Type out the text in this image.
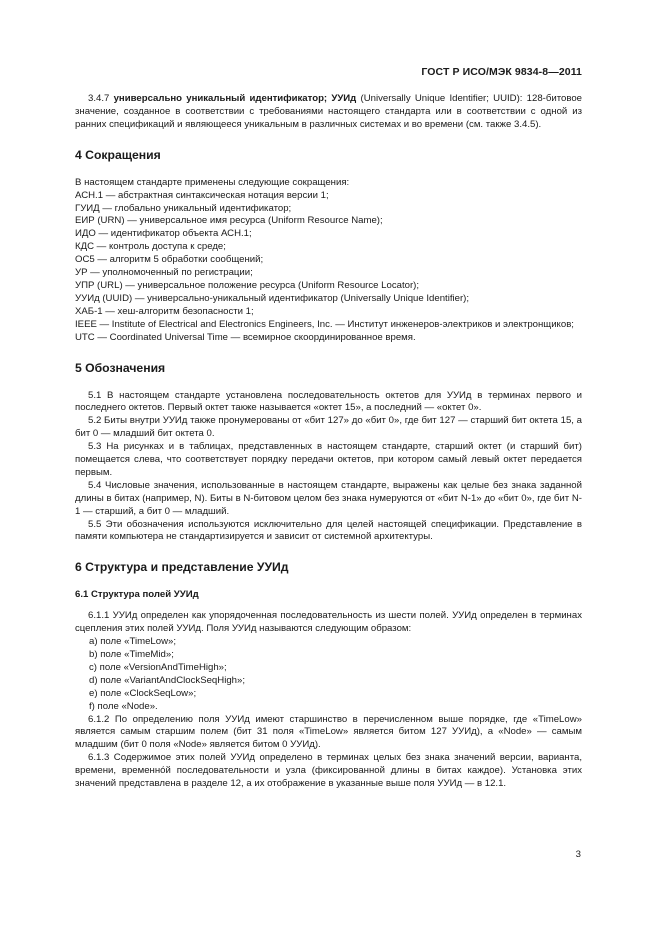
ГОСТ Р ИСО/МЭК 9834-8—2011

3.4.7 универсально уникальный идентификатор; УУИд (Universally Unique Identifier; UUID): 128-битовое значение, созданное в соответствии с требованиями настоящего стандарта или в соответствии с одной из ранних спецификаций и являющееся уникальным в различных системах и во времени (см. также 3.4.5).

4 Сокращения

В настоящем стандарте применены следующие сокращения:

АСН.1 — абстрактная синтаксическая нотация версии 1;

ГУИД — глобально уникальный идентификатор;

ЕИР (URN) — универсальное имя ресурса (Uniform Resource Name);

ИДО — идентификатор объекта АСН.1;

КДС — контроль доступа к среде;

ОС5 — алгоритм 5 обработки сообщений;

УР — уполномоченный по регистрации;

УПР (URL) — универсальное положение ресурса (Uniform Resource Locator);

УУИд (UUID) — универсально-уникальный идентификатор (Universally Unique Identifier);

ХАБ-1 — хеш-алгоритм безопасности 1;

IEEE — Institute of Electrical and Electronics Engineers, Inc. — Институт инженеров-электриков и электронщиков;

UTC — Coordinated Universal Time — всемирное скоординированное время.

5 Обозначения

5.1 В настоящем стандарте установлена последовательность октетов для УУИд в терминах первого и последнего октетов. Первый октет также называется «октет 15», а последний — «октет 0».

5.2 Биты внутри УУИд также пронумерованы от «бит 127» до «бит 0», где бит 127 — старший бит октета 15, а бит 0 — младший бит октета 0.

5.3 На рисунках и в таблицах, представленных в настоящем стандарте, старший октет (и старший бит) помещается слева, что соответствует порядку передачи октетов, при котором самый левый октет передается первым.

5.4 Числовые значения, использованные в настоящем стандарте, выражены как целые без знака заданной длины в битах (например, N). Биты в N-битовом целом без знака нумеруются от «бит N-1» до «бит 0», где бит N-1 — старший, а бит 0 — младший.

5.5 Эти обозначения используются исключительно для целей настоящей спецификации. Представление в памяти компьютера не стандартизируется и зависит от системной архитектуры.

6 Структура и представление УУИд
6.1 Структура полей УУИд

6.1.1 УУИд определен как упорядоченная последовательность из шести полей. УУИд определен в терминах сцепления этих полей УУИд. Поля УУИд называются следующим образом:

a) поле «TimeLow»;

b) поле «TimeMid»;

c) поле «VersionAndTimeHigh»;

d) поле «VariantAndClockSeqHigh»;

e) поле «ClockSeqLow»;

f) поле «Node».

6.1.2 По определению поля УУИд имеют старшинство в перечисленном выше порядке, где «TimeLow» является самым старшим полем (бит 31 поля «TimeLow» является битом 127 УУИд), а «Node» — самым младшим (бит 0 поля «Node» является битом 0 УУИд).

6.1.3 Содержимое этих полей УУИд определено в терминах целых без знака значений версии, варианта, времени, временно́й последовательности и узла (фиксированной длины в битах каждое). Установка этих значений представлена в разделе 12, а их отображение в указанные выше поля УУИд — в 12.1.

3
